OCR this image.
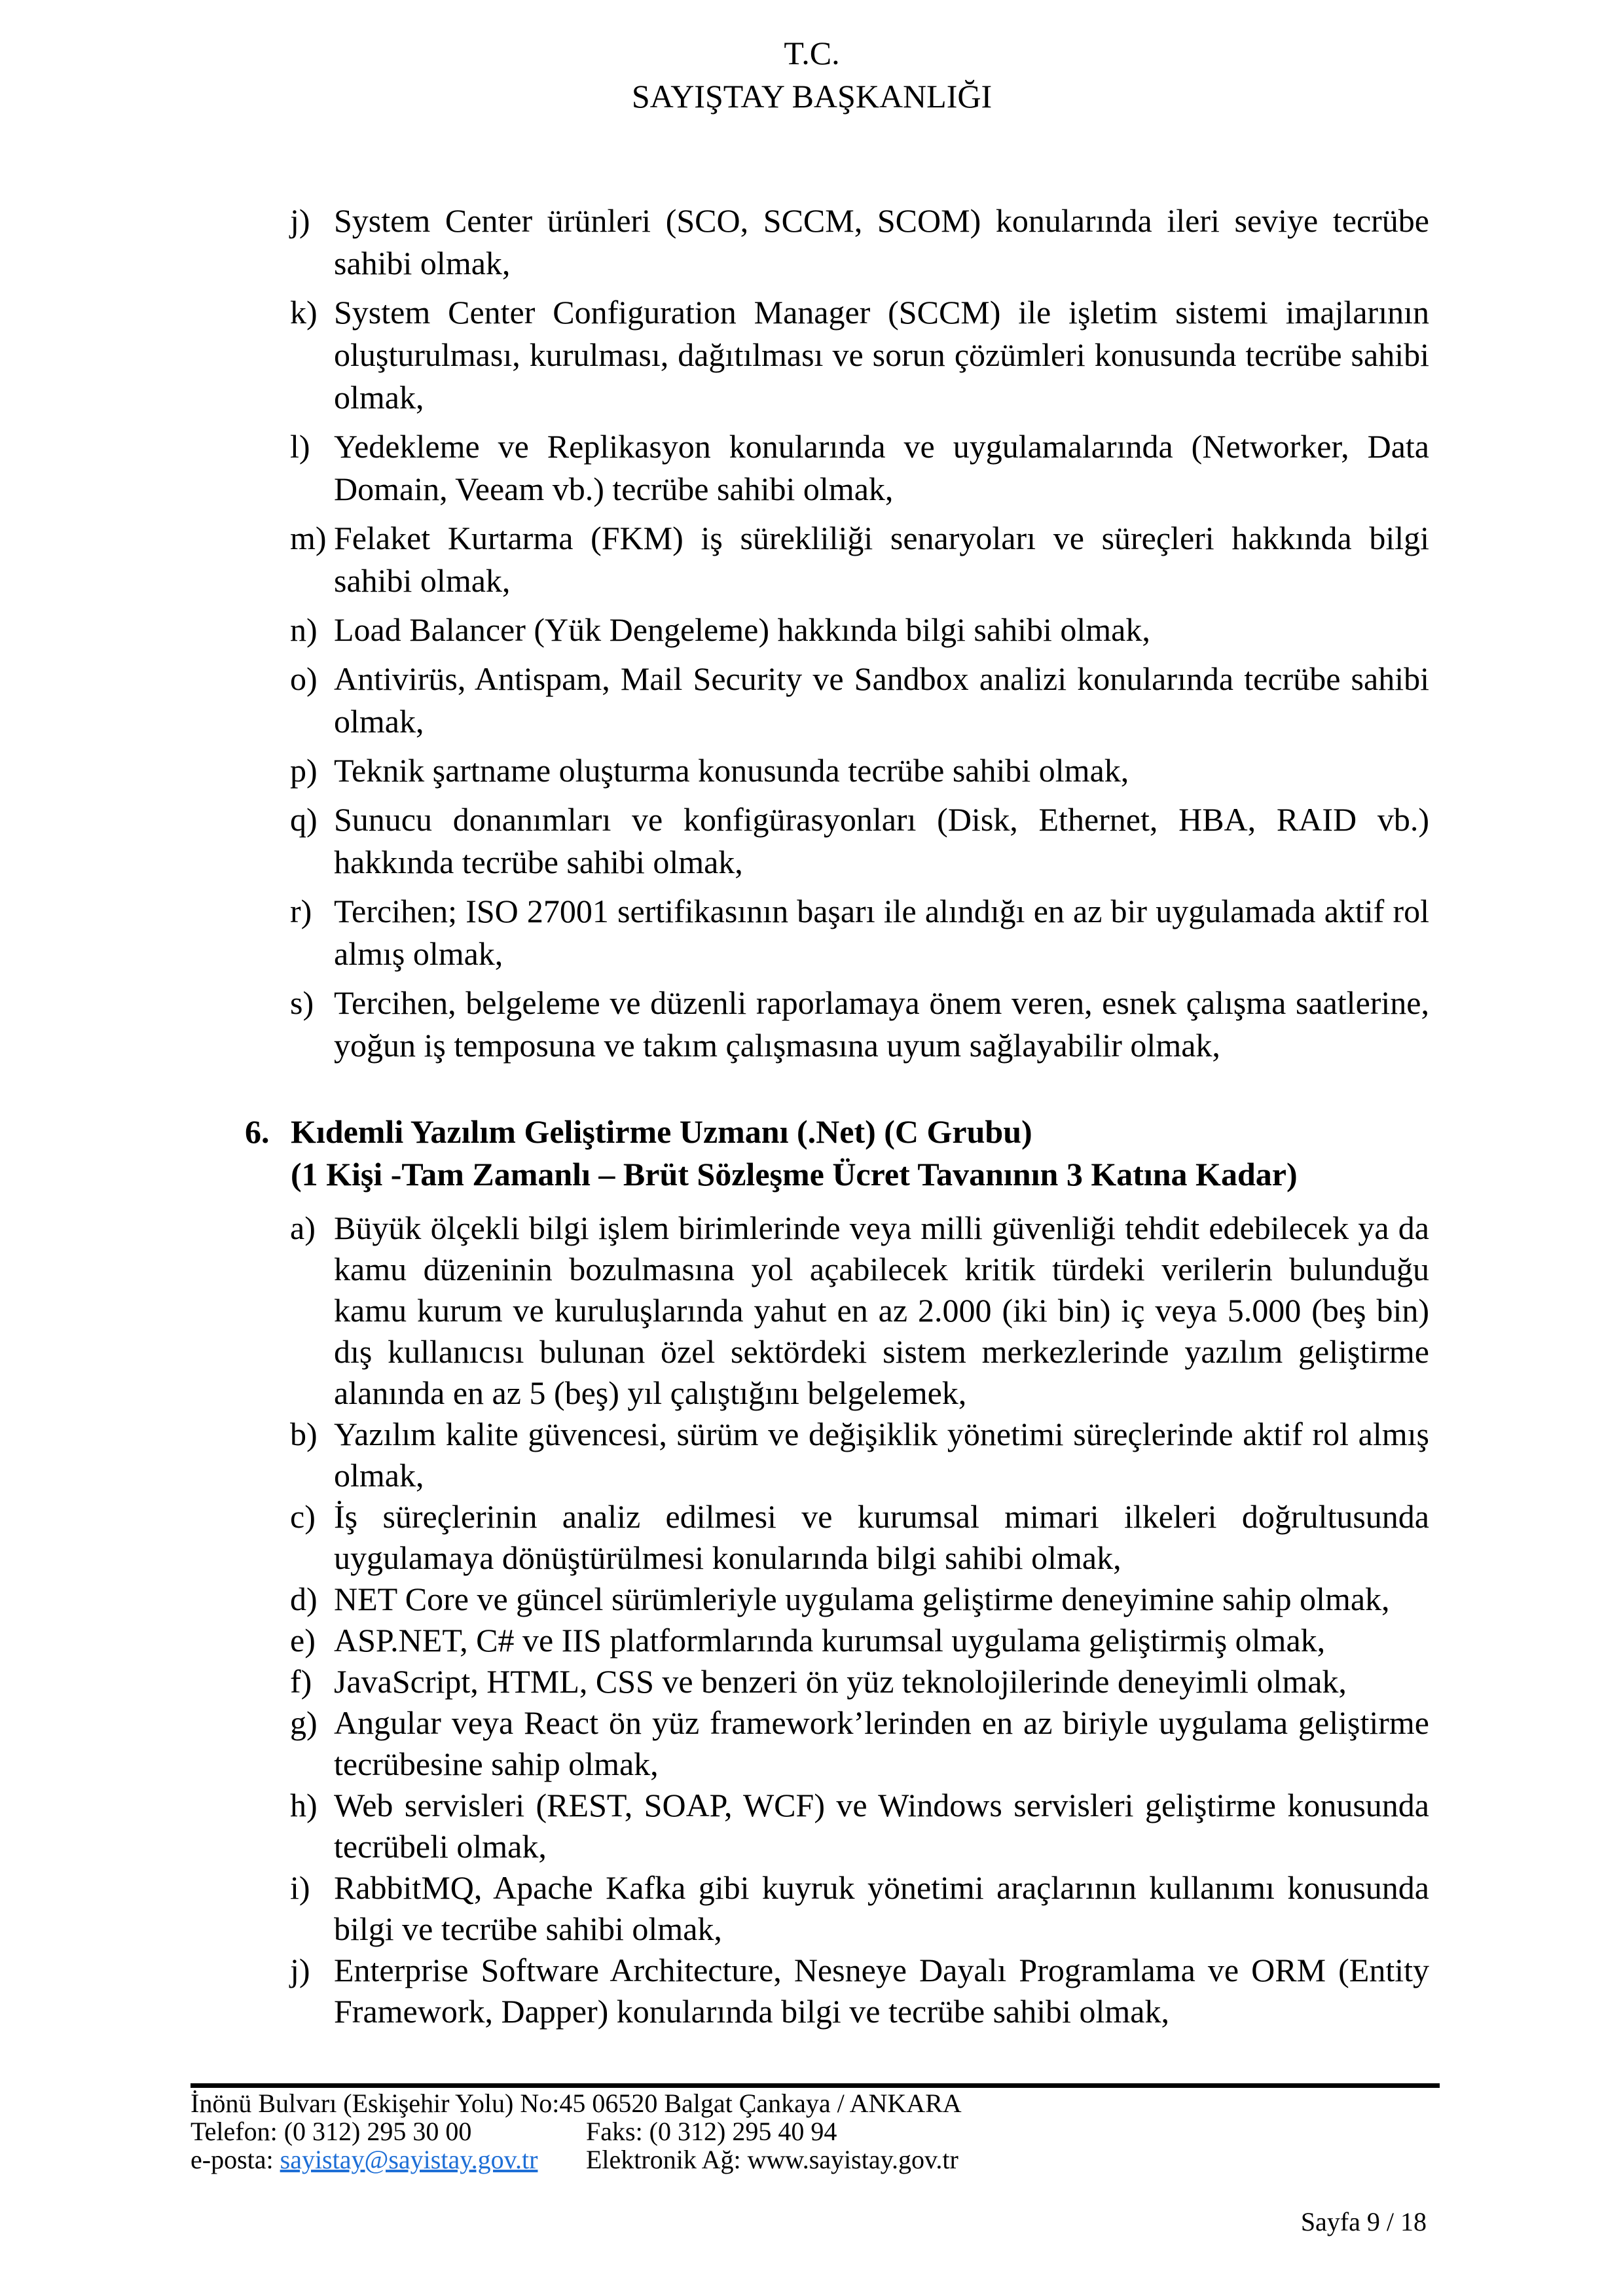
T.C.
SAYIŞTAY BAŞKANLIĞI
j) System Center ürünleri (SCO, SCCM, SCOM) konularında ileri seviye tecrübe sahibi olmak,
k) System Center Configuration Manager (SCCM) ile işletim sistemi imajlarının oluşturulması, kurulması, dağıtılması ve sorun çözümleri konusunda tecrübe sahibi olmak,
l) Yedekleme ve Replikasyon konularında ve uygulamalarında (Networker, Data Domain, Veeam vb.) tecrübe sahibi olmak,
m) Felaket Kurtarma (FKM) iş sürekliliği senaryoları ve süreçleri hakkında bilgi sahibi olmak,
n) Load Balancer (Yük Dengeleme) hakkında bilgi sahibi olmak,
o) Antivirüs, Antispam, Mail Security ve Sandbox analizi konularında tecrübe sahibi olmak,
p) Teknik şartname oluşturma konusunda tecrübe sahibi olmak,
q) Sunucu donanımları ve konfigürasyonları (Disk, Ethernet, HBA, RAID vb.) hakkında tecrübe sahibi olmak,
r) Tercihen; ISO 27001 sertifikasının başarı ile alındığı en az bir uygulamada aktif rol almış olmak,
s) Tercihen, belgeleme ve düzenli raporlamaya önem veren, esnek çalışma saatlerine, yoğun iş temposuna ve takım çalışmasına uyum sağlayabilir olmak,
6. Kıdemli Yazılım Geliştirme Uzmanı (.Net) (C Grubu)
(1 Kişi -Tam Zamanlı – Brüt Sözleşme Ücret Tavanının 3 Katına Kadar)
a) Büyük ölçekli bilgi işlem birimlerinde veya milli güvenliği tehdit edebilecek ya da kamu düzeninin bozulmasına yol açabilecek kritik türdeki verilerin bulunduğu kamu kurum ve kuruluşlarında yahut en az 2.000 (iki bin) iç veya 5.000 (beş bin) dış kullanıcısı bulunan özel sektördeki sistem merkezlerinde yazılım geliştirme alanında en az 5 (beş) yıl çalıştığını belgelemek,
b) Yazılım kalite güvencesi, sürüm ve değişiklik yönetimi süreçlerinde aktif rol almış olmak,
c) İş süreçlerinin analiz edilmesi ve kurumsal mimari ilkeleri doğrultusunda uygulamaya dönüştürülmesi konularında bilgi sahibi olmak,
d) NET Core ve güncel sürümleriyle uygulama geliştirme deneyimine sahip olmak,
e) ASP.NET, C# ve IIS platformlarında kurumsal uygulama geliştirmiş olmak,
f) JavaScript, HTML, CSS ve benzeri ön yüz teknolojilerinde deneyimli olmak,
g) Angular veya React ön yüz framework’lerinden en az biriyle uygulama geliştirme tecrübesine sahip olmak,
h) Web servisleri (REST, SOAP, WCF) ve Windows servisleri geliştirme konusunda tecrübeli olmak,
i) RabbitMQ, Apache Kafka gibi kuyruk yönetimi araçlarının kullanımı konusunda bilgi ve tecrübe sahibi olmak,
j) Enterprise Software Architecture, Nesneye Dayalı Programlama ve ORM (Entity Framework, Dapper) konularında bilgi ve tecrübe sahibi olmak,
İnönü Bulvarı (Eskişehir Yolu) No:45 06520 Balgat Çankaya / ANKARA
Telefon: (0 312) 295 30 00	Faks: (0 312) 295 40 94
e-posta: sayistay@sayistay.gov.tr	Elektronik Ağ: www.sayistay.gov.tr
Sayfa 9 / 18
